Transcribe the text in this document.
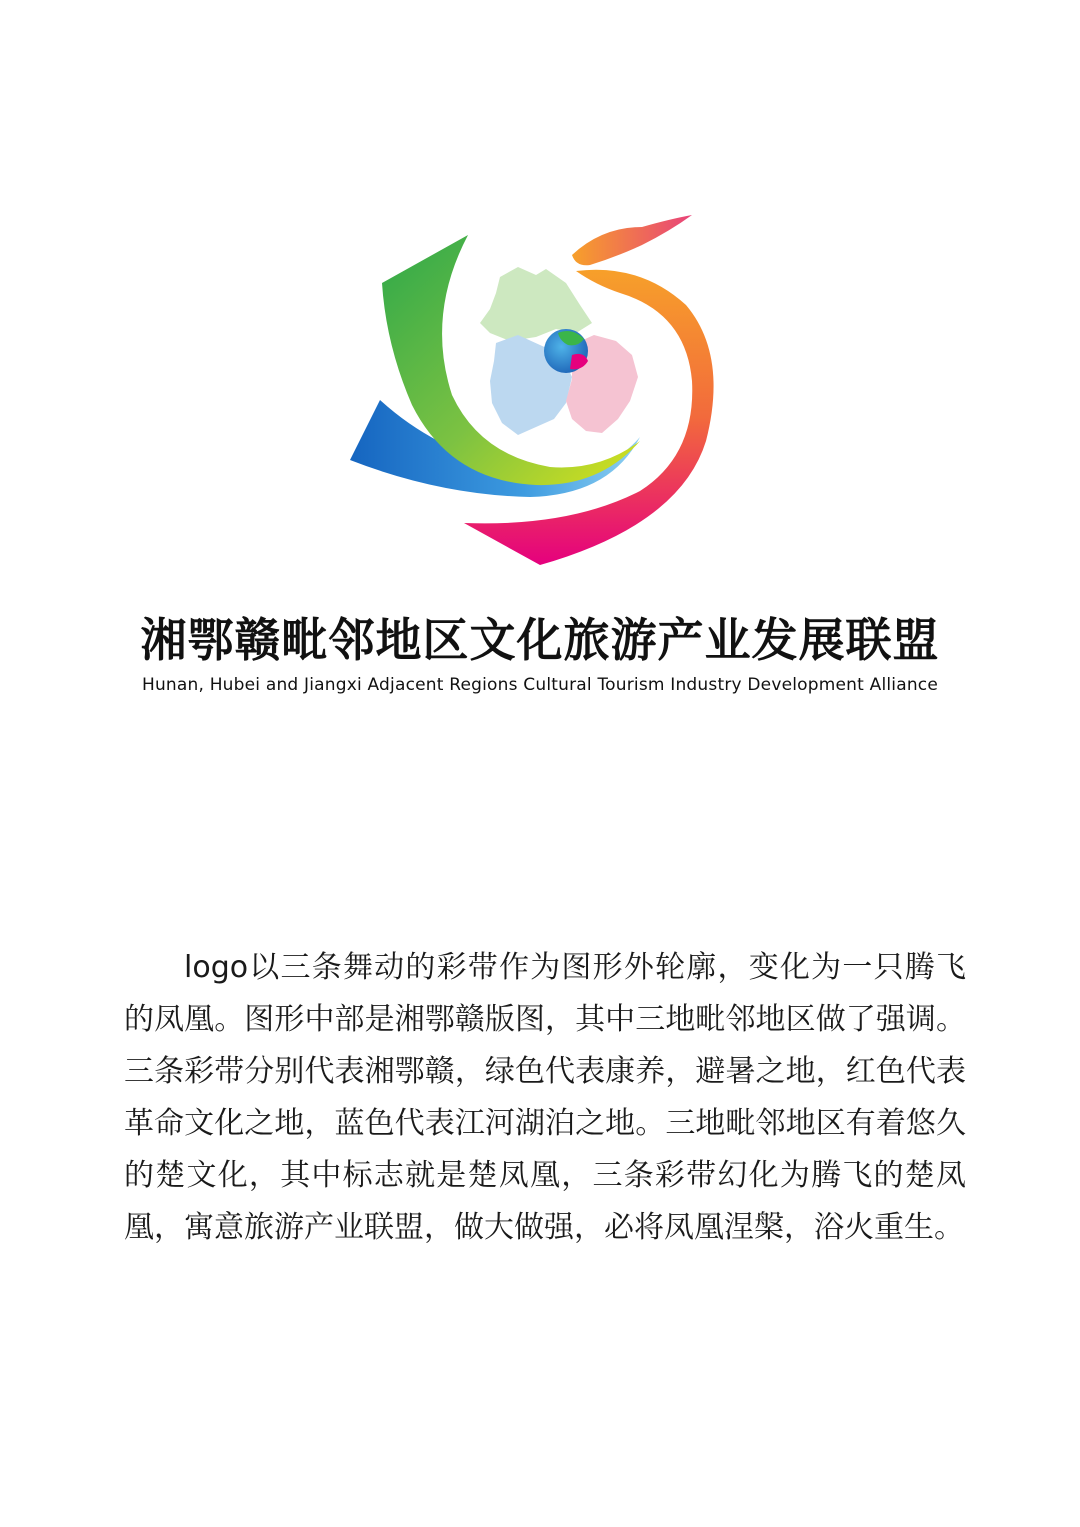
湘鄂赣毗邻地区文化旅游产业发展联盟
Hunan, Hubei and Jiangxi Adjacent Regions Cultural Tourism Industry Development Alliance

logo以三条舞动的彩带作为图形外轮廓，变化为一只腾飞的凤凰。图形中部是湘鄂赣版图，其中三地毗邻地区做了强调。三条彩带分别代表湘鄂赣，绿色代表康养，避暑之地，红色代表革命文化之地，蓝色代表江河湖泊之地。三地毗邻地区有着悠久的楚文化，其中标志就是楚凤凰，三条彩带幻化为腾飞的楚凤凰，寓意旅游产业联盟，做大做强，必将凤凰涅槃，浴火重生。
